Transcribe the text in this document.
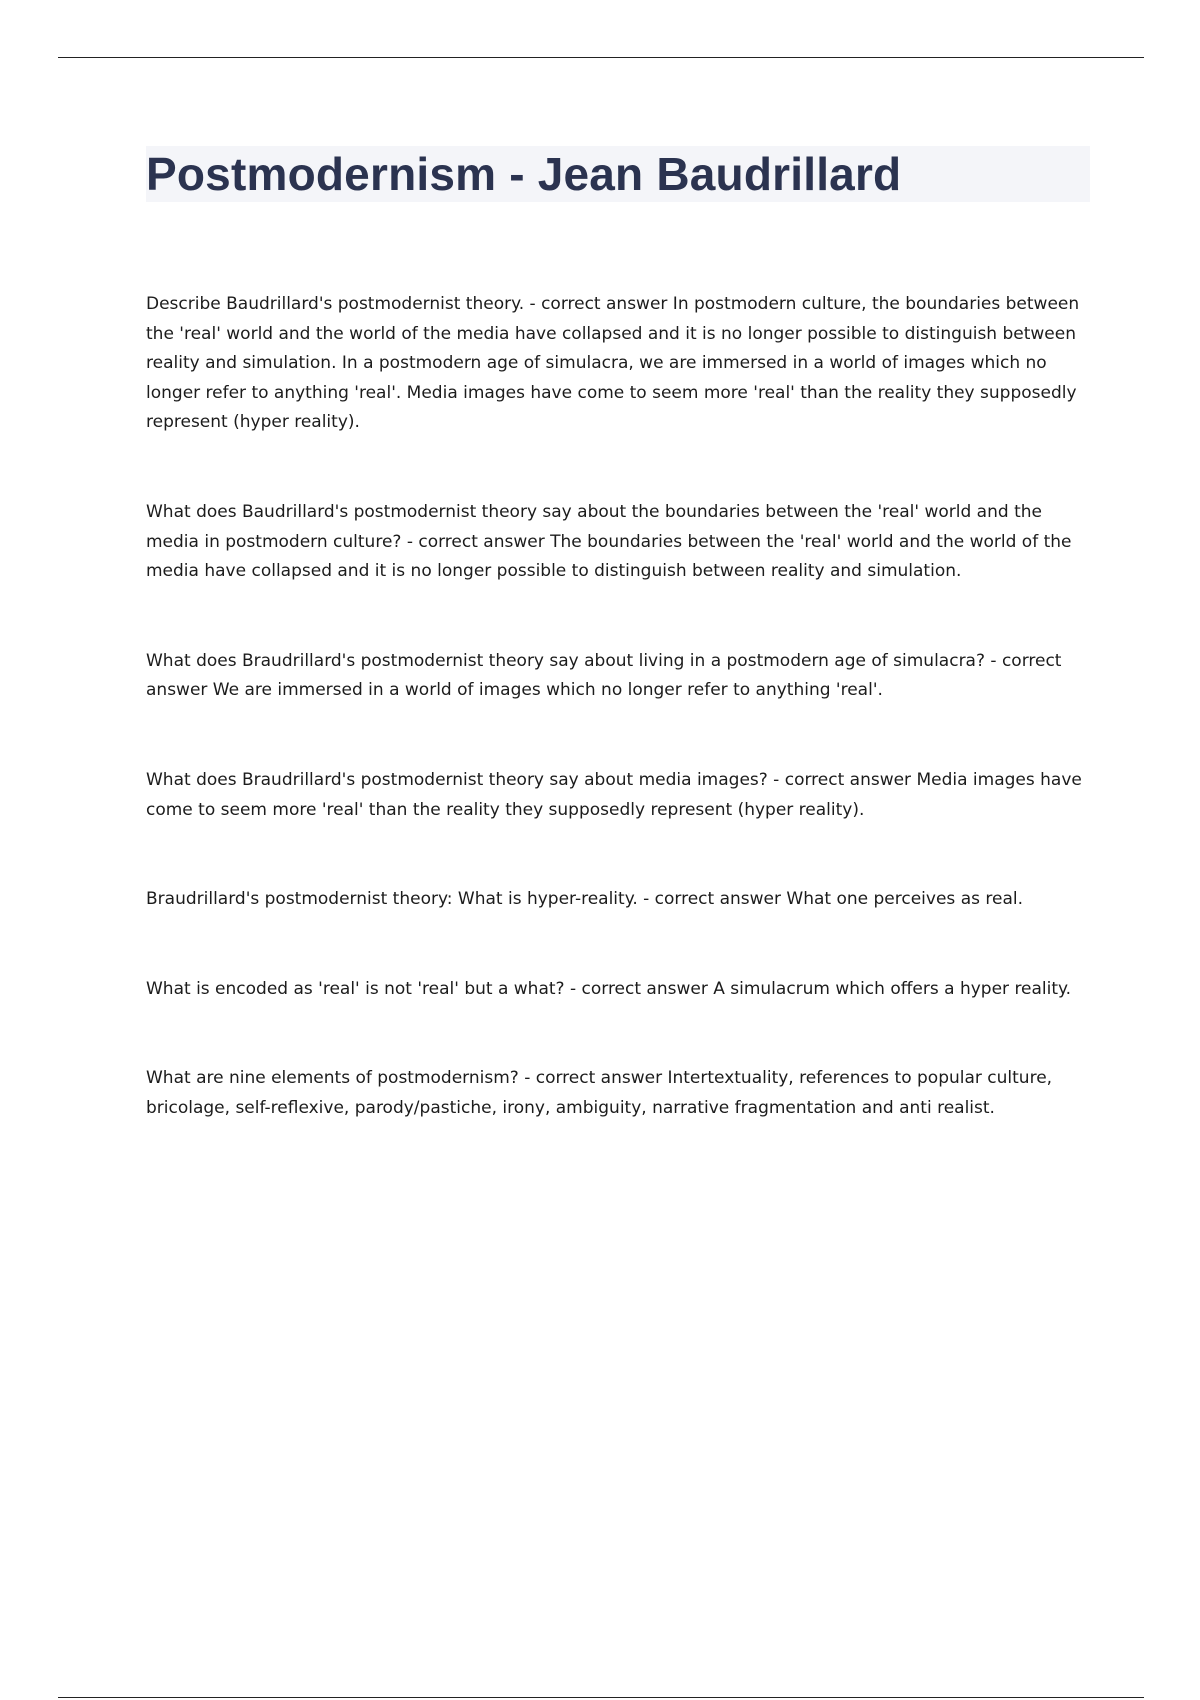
Postmodernism - Jean Baudrillard

Describe Baudrillard's postmodernist theory. - correct answer In postmodern culture, the boundaries between the 'real' world and the world of the media have collapsed and it is no longer possible to distinguish between reality and simulation. In a postmodern age of simulacra, we are immersed in a world of images which no longer refer to anything 'real'. Media images have come to seem more 'real' than the reality they supposedly represent (hyper reality).

What does Baudrillard's postmodernist theory say about the boundaries between the 'real' world and the media in postmodern culture? - correct answer The boundaries between the 'real' world and the world of the media have collapsed and it is no longer possible to distinguish between reality and simulation.

What does Braudrillard's postmodernist theory say about living in a postmodern age of simulacra? - correct answer We are immersed in a world of images which no longer refer to anything 'real'.

What does Braudrillard's postmodernist theory say about media images? - correct answer Media images have come to seem more 'real' than the reality they supposedly represent (hyper reality).

Braudrillard's postmodernist theory: What is hyper-reality. - correct answer What one perceives as real.

What is encoded as 'real' is not 'real' but a what? - correct answer A simulacrum which offers a hyper reality.

What are nine elements of postmodernism? - correct answer Intertextuality, references to popular culture, bricolage, self-reflexive, parody/pastiche, irony, ambiguity, narrative fragmentation and anti realist.
